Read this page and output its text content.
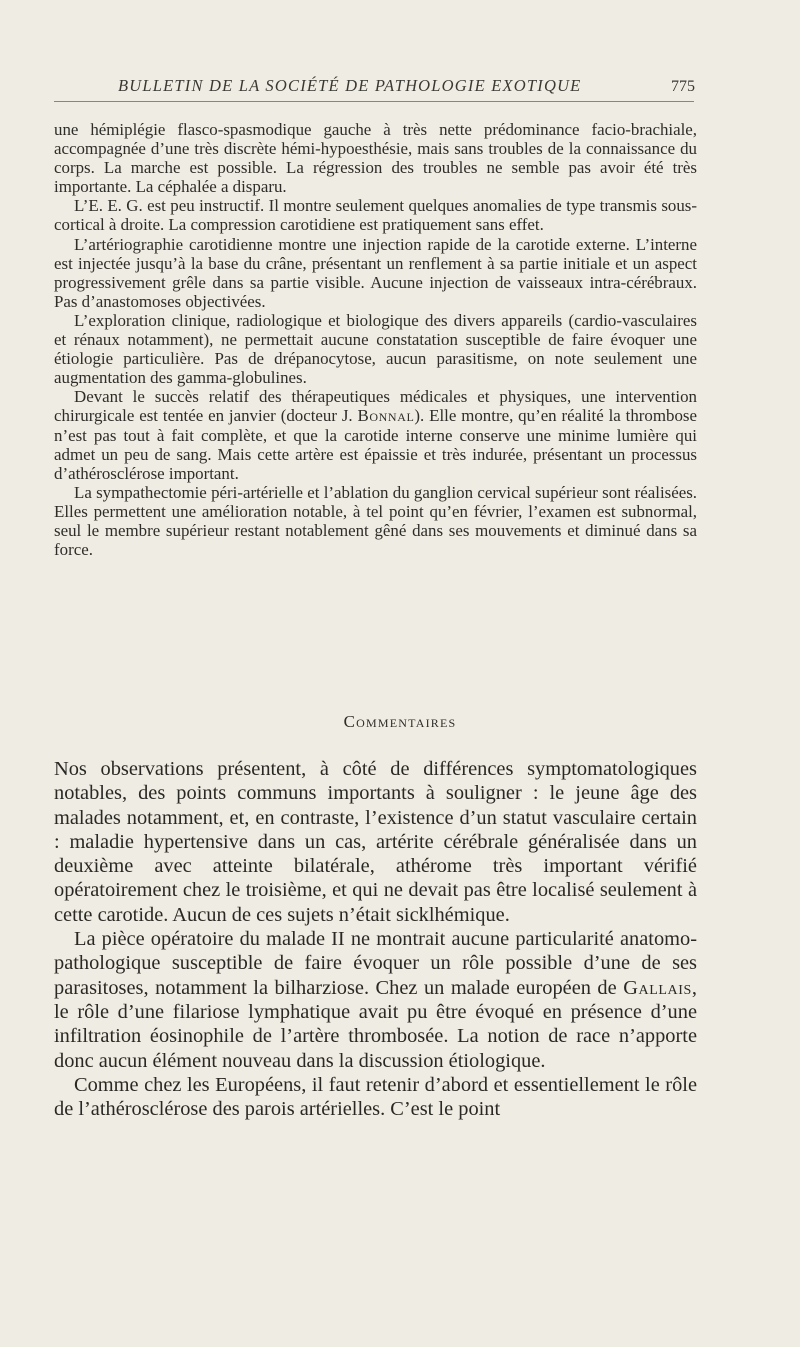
BULLETIN DE LA SOCIÉTÉ DE PATHOLOGIE EXOTIQUE	775

une hémiplégie flasco-spasmodique gauche à très nette prédominance facio-brachiale, accompagnée d’une très discrète hémi-hypoesthésie, mais sans troubles de la connaissance du corps. La marche est possible. La régression des troubles ne semble pas avoir été très importante. La céphalée a disparu.

L’E. E. G. est peu instructif. Il montre seulement quelques anomalies de type transmis sous-cortical à droite. La compression carotidiene est pratiquement sans effet.

L’artériographie carotidienne montre une injection rapide de la carotide externe. L’interne est injectée jusqu’à la base du crâne, présentant un renflement à sa partie initiale et un aspect progressivement grêle dans sa partie visible. Aucune injection de vaisseaux intra-cérébraux. Pas d’anastomoses objectivées.

L’exploration clinique, radiologique et biologique des divers appareils (cardio-vasculaires et rénaux notamment), ne permettait aucune constatation susceptible de faire évoquer une étiologie particulière. Pas de drépanocytose, aucun parasitisme, on note seulement une augmentation des gamma-globulines.

Devant le succès relatif des thérapeutiques médicales et physiques, une intervention chirurgicale est tentée en janvier (docteur J. Bonnal). Elle montre, qu’en réalité la thrombose n’est pas tout à fait complète, et que la carotide interne conserve une minime lumière qui admet un peu de sang. Mais cette artère est épaissie et très indurée, présentant un processus d’athérosclérose important.

La sympathectomie péri-artérielle et l’ablation du ganglion cervical supérieur sont réalisées. Elles permettent une amélioration notable, à tel point qu’en février, l’examen est subnormal, seul le membre supérieur restant notablement gêné dans ses mouvements et diminué dans sa force.

Commentaires

Nos observations présentent, à côté de différences symptomatologiques notables, des points communs importants à souligner : le jeune âge des malades notamment, et, en contraste, l’existence d’un statut vasculaire certain : maladie hypertensive dans un cas, artérite cérébrale généralisée dans un deuxième avec atteinte bilatérale, athérome très important vérifié opératoirement chez le troisième, et qui ne devait pas être localisé seulement à cette carotide. Aucun de ces sujets n’était sicklhémique.

La pièce opératoire du malade II ne montrait aucune particularité anatomo-pathologique susceptible de faire évoquer un rôle possible d’une de ses parasitoses, notamment la bilharziose. Chez un malade européen de Gallais, le rôle d’une filariose lymphatique avait pu être évoqué en présence d’une infiltration éosinophile de l’artère thrombosée. La notion de race n’apporte donc aucun élément nouveau dans la discussion étiologique.

Comme chez les Européens, il faut retenir d’abord et essentiellement le rôle de l’athérosclérose des parois artérielles. C’est le point
